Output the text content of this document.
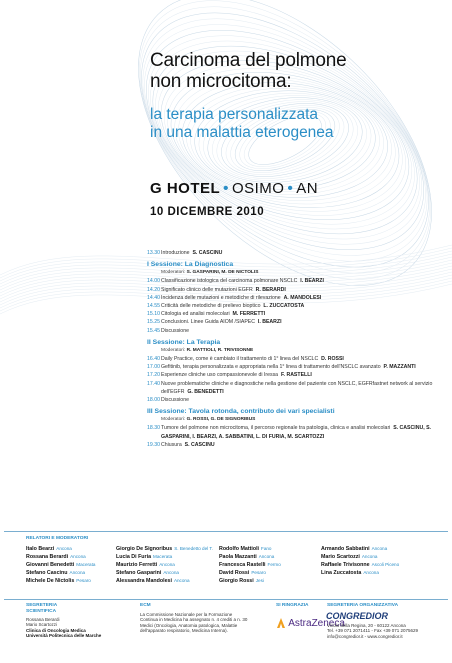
Carcinoma del polmone
non microcitoma:
la terapia personalizzata
in una malattia eterogenea
G HOTEL • OSIMO • AN
10 DICEMBRE 2010
13.30 Introduzione S. CASCINU
I Sessione: La Diagnostica
Moderatori: S. GASPARINI, M. DE NICTOLIS
14.00 Classificazione istologica del carcinoma polmonare NSCLC I. BEARZI
14.20 Significato clinico delle mutazioni EGFR R. BERARDI
14.40 Incidenza delle mutazioni e metodiche di rilevazione A. MANDOLESI
14.55 Criticità delle metodiche di prelievo bioptico L. ZUCCATOSTA
15.10 Citologia ed analisi molecolari M. FERRETTI
15.25 Conclusioni. Linee Guida AIOM /SIAPEC I. BEARZI
15.45 Discussione
II Sessione: La Terapia
Moderatori: R. MATTIOLI, R. TRIVISONNE
16.40 Daily Practice, come è cambiato il trattamento di 1° linea del NSCLC D. ROSSI
17.00 Gefitinib, terapia personalizzata e appropriata nella 1° linea di trattamento dell'NSCLC avanzato P. MAZZANTI
17.20 Esperienze cliniche uso compassionevole di Iressa F. RASTELLI
17.40 Nuove problematiche cliniche e diagnostiche nella gestione del paziente con NSCLC, EGFRfastnet network al servizio dell'EGFR G. BENEDETTI
18.00 Discussione
III Sessione: Tavola rotonda, contributo dei vari specialisti
Moderatori: G. ROSSI, G. DE SIGNORIBUS
18.30 Tumore del polmone non microcitoma, il percorso regionale tra patologia, clinica e analisi molecolari S. CASCINU, S. GASPARINI, I. BEARZI, A. SABBATINI, L. DI FURIA, M. SCARTOZZI
19.30 Chiusura S. CASCINU
RELATORI E MODERATORI
Italo Bearzi Ancona
Rossana Berardi Ancona
Giovanni Benedetti Macerata
Stefano Cascinu Ancona
Michele De Nictolis Pesaro
Giorgio De Signoribus S. Benedetto del T.
Lucia Di Furia Macerata
Maurizio Ferretti Ancona
Stefano Gasparini Ancona
Alessandra Mandolesi Ancona
Rodolfo Mattioli Fano
Paola Mazzanti Ancona
Francesca Rastelli Fermo
David Rossi Pesaro
Giorgio Rossi Jesi
Armando Sabbatini Ancona
Mario Scartozzi Ancona
Raffaele Trivisonne Ascoli Piceno
Lina Zuccatosta Ancona
SEGRETERIA
SCIENTIFICA
Rossana Berardi
Mario Scartozzi
Clinica di Oncologia Medica
Università Politecnica delle Marche
ECM
La Commissione Nazionale per la Formazione Continua in Medicina ha assegnato n. 4 crediti a n. 30 Medici (Oncologia, Anatomia patologica, Malattie dell'apparato respiratorio, Medicina Interna).
SI RINGRAZIA
AstraZeneca
SEGRETERIA ORGANIZZATIVA
CONGREDIOR
Vicolo della Regina, 20 - 60122 Ancona
Tel. +39 071 2071411 - Fax +39 071 2075629
info@congredior.it - www.congredior.it
